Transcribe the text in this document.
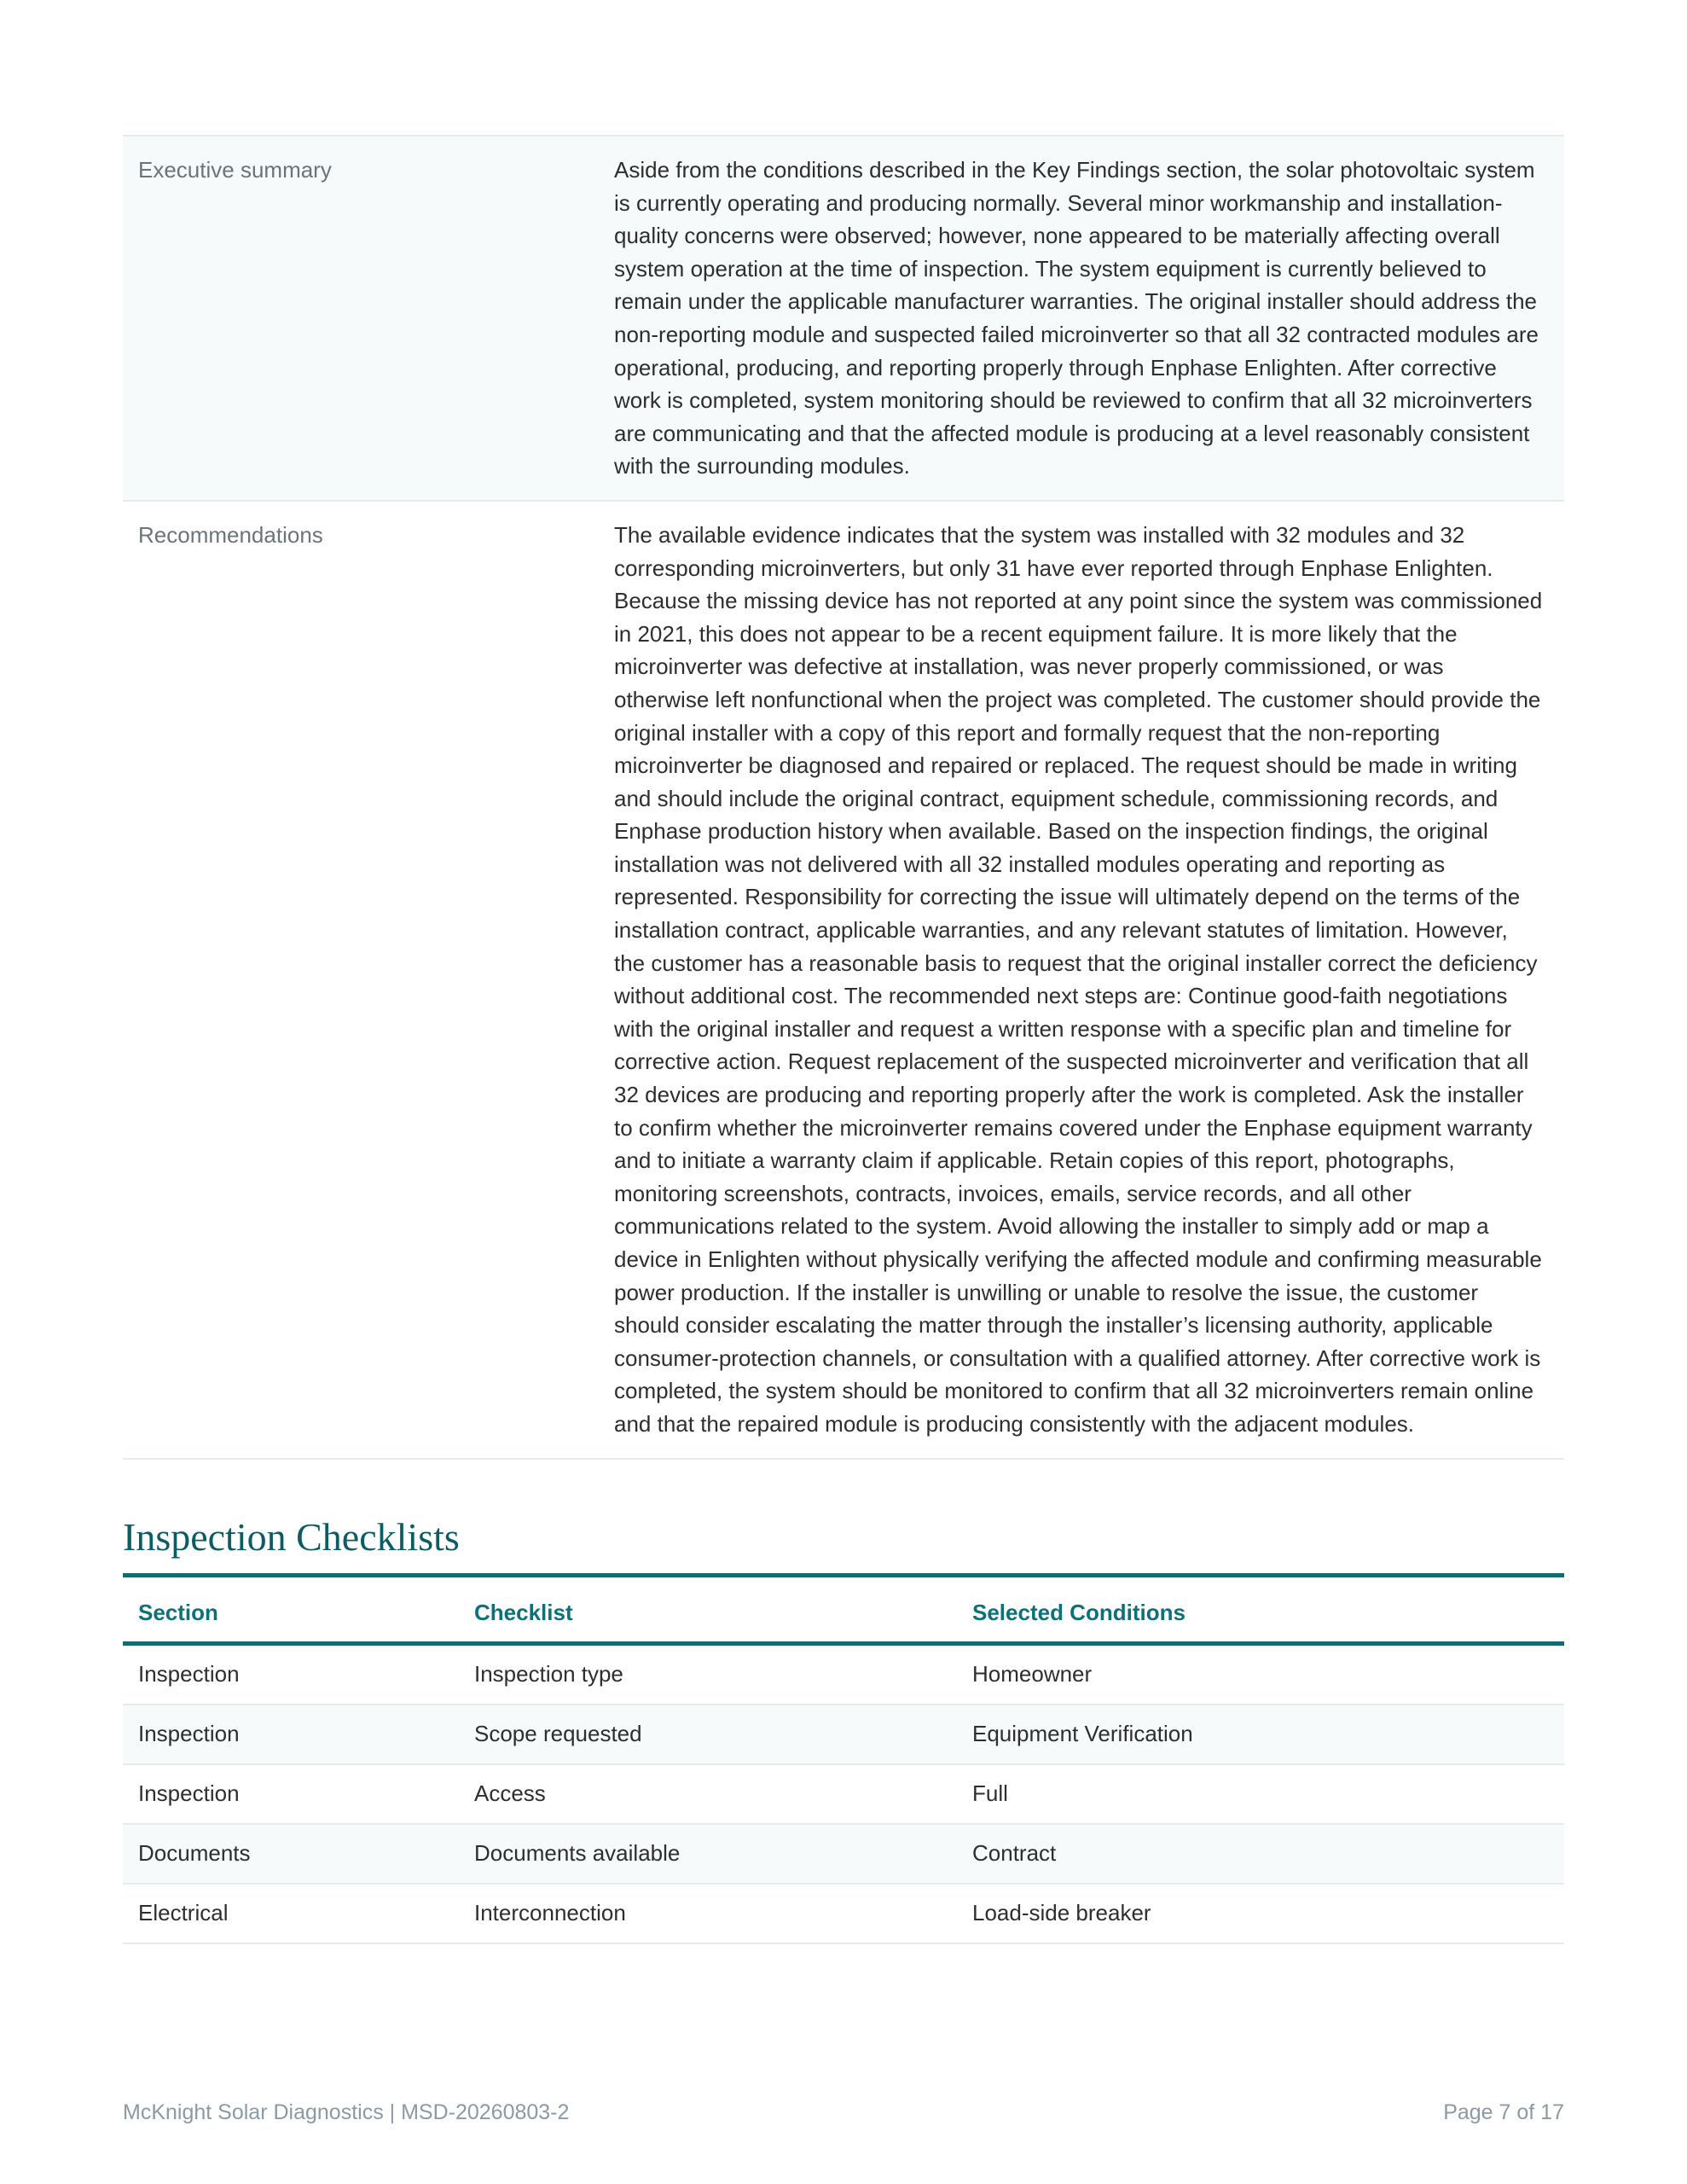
Executive summary	Aside from the conditions described in the Key Findings section, the solar photovoltaic system is currently operating and producing normally. Several minor workmanship and installation-quality concerns were observed; however, none appeared to be materially affecting overall system operation at the time of inspection. The system equipment is currently believed to remain under the applicable manufacturer warranties. The original installer should address the non-reporting module and suspected failed microinverter so that all 32 contracted modules are operational, producing, and reporting properly through Enphase Enlighten. After corrective work is completed, system monitoring should be reviewed to confirm that all 32 microinverters are communicating and that the affected module is producing at a level reasonably consistent with the surrounding modules.
Recommendations	The available evidence indicates that the system was installed with 32 modules and 32 corresponding microinverters, but only 31 have ever reported through Enphase Enlighten. Because the missing device has not reported at any point since the system was commissioned in 2021, this does not appear to be a recent equipment failure. It is more likely that the microinverter was defective at installation, was never properly commissioned, or was otherwise left nonfunctional when the project was completed. The customer should provide the original installer with a copy of this report and formally request that the non-reporting microinverter be diagnosed and repaired or replaced. The request should be made in writing and should include the original contract, equipment schedule, commissioning records, and Enphase production history when available. Based on the inspection findings, the original installation was not delivered with all 32 installed modules operating and reporting as represented. Responsibility for correcting the issue will ultimately depend on the terms of the installation contract, applicable warranties, and any relevant statutes of limitation. However, the customer has a reasonable basis to request that the original installer correct the deficiency without additional cost. The recommended next steps are: Continue good-faith negotiations with the original installer and request a written response with a specific plan and timeline for corrective action. Request replacement of the suspected microinverter and verification that all 32 devices are producing and reporting properly after the work is completed. Ask the installer to confirm whether the microinverter remains covered under the Enphase equipment warranty and to initiate a warranty claim if applicable. Retain copies of this report, photographs, monitoring screenshots, contracts, invoices, emails, service records, and all other communications related to the system. Avoid allowing the installer to simply add or map a device in Enlighten without physically verifying the affected module and confirming measurable power production. If the installer is unwilling or unable to resolve the issue, the customer should consider escalating the matter through the installer’s licensing authority, applicable consumer-protection channels, or consultation with a qualified attorney. After corrective work is completed, the system should be monitored to confirm that all 32 microinverters remain online and that the repaired module is producing consistently with the adjacent modules.
Inspection Checklists
Section	Checklist	Selected Conditions
Inspection	Inspection type	Homeowner
Inspection	Scope requested	Equipment Verification
Inspection	Access	Full
Documents	Documents available	Contract
Electrical	Interconnection	Load-side breaker
McKnight Solar Diagnostics | MSD-20260803-2	Page 7 of 17
